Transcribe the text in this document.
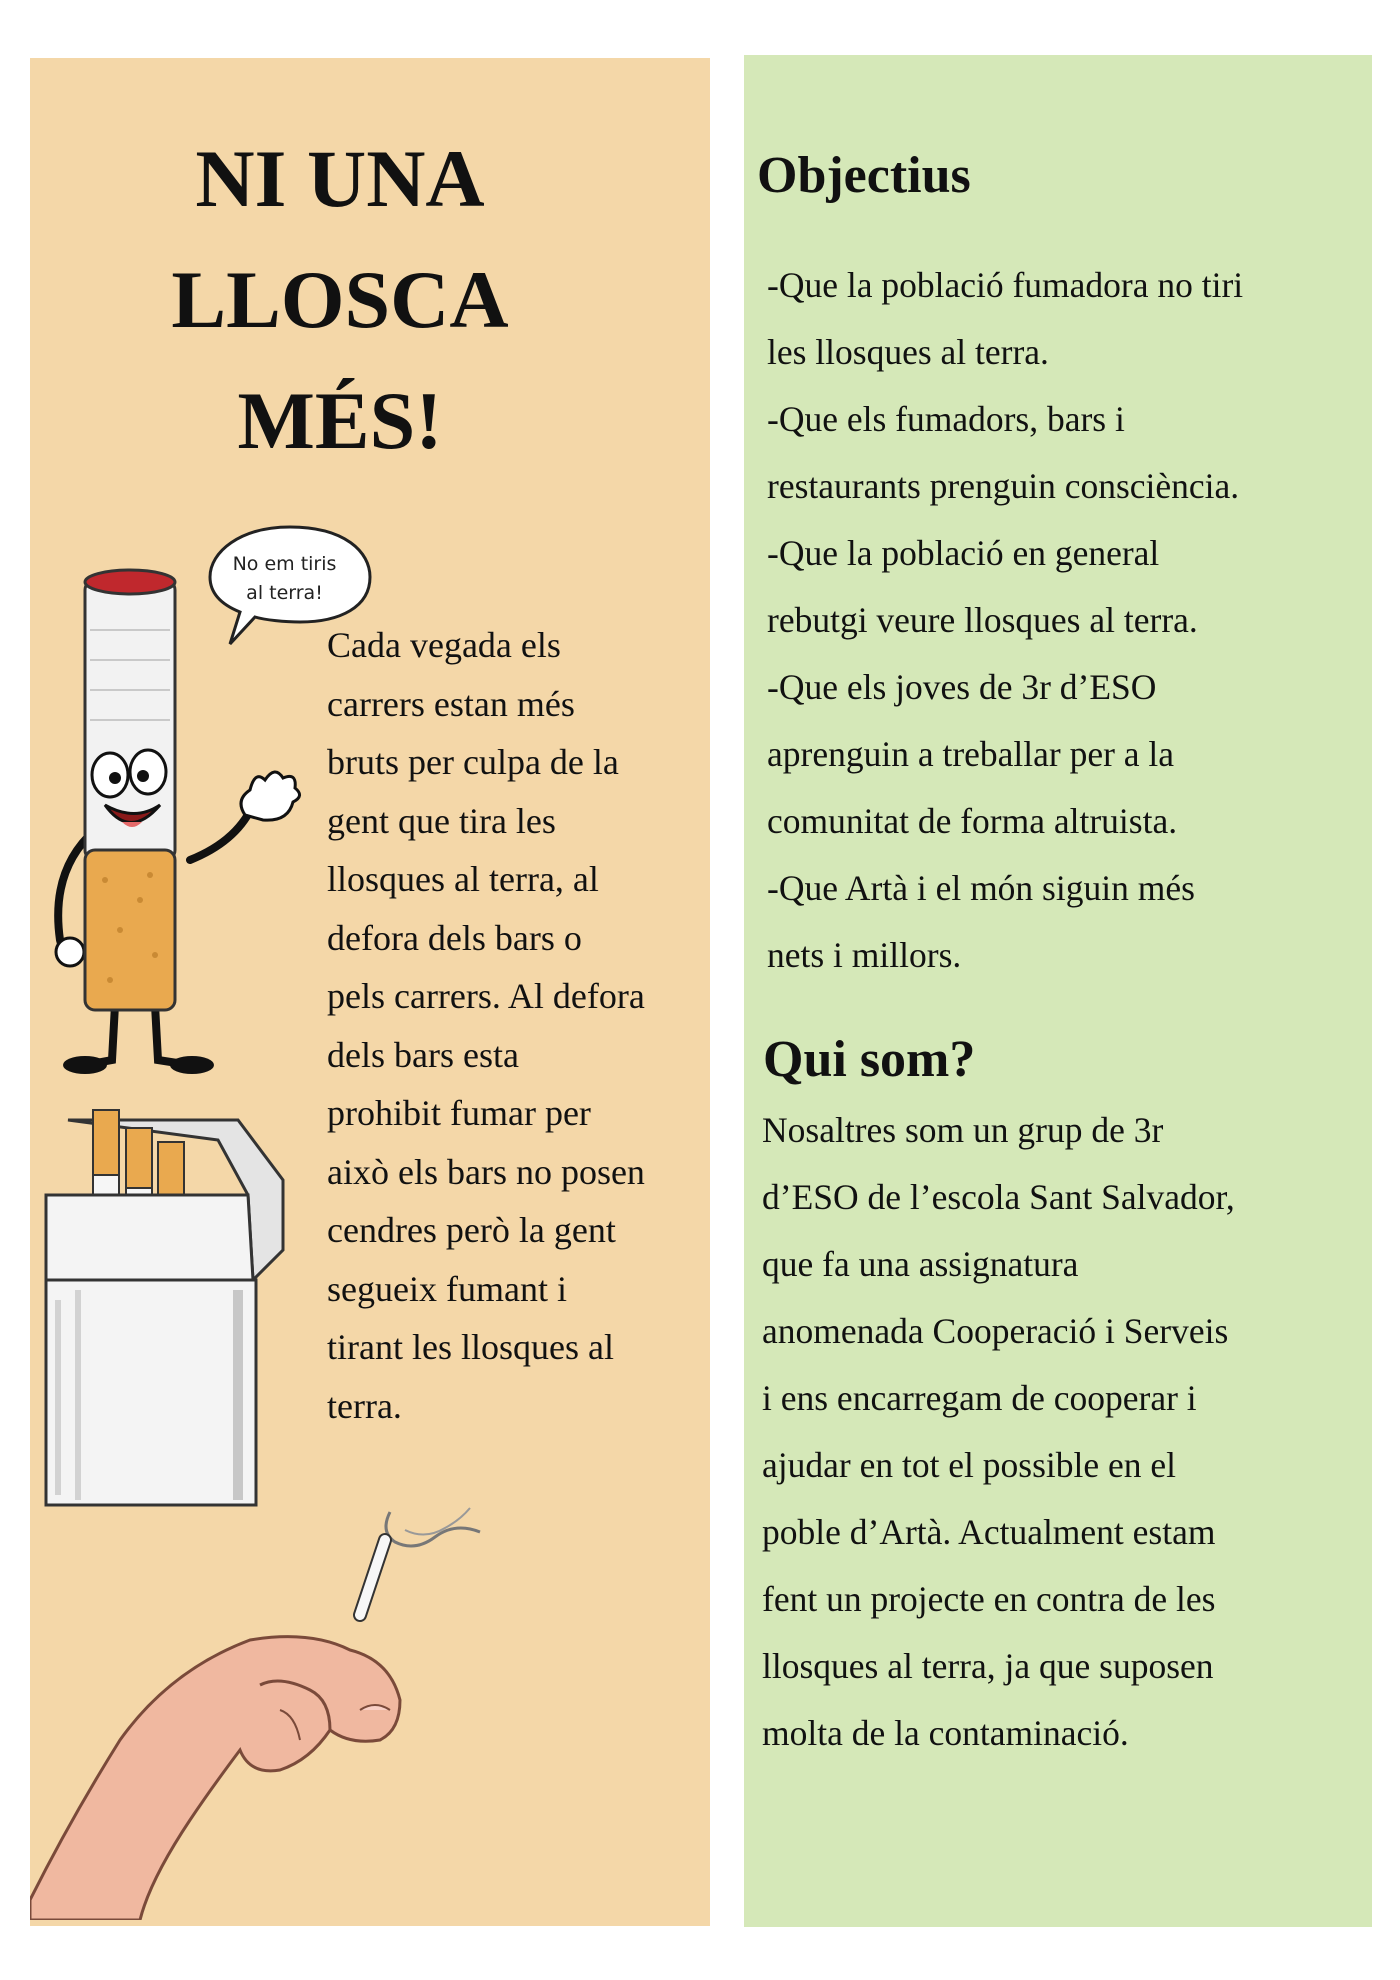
NI UNA
LLOSCA
MÉS!
No em tiris
al terra!

Cada vegada els

carrers estan més

bruts per culpa de la

gent que tira les

llosques al terra, al

defora dels bars o

pels carrers. Al defora

dels bars esta

prohibit fumar per

això els bars no posen

cendres però la gent

segueix fumant i

tirant les llosques al

terra.

Objectius
-Que la població fumadora no tiri
les llosques al terra.
-Que els fumadors, bars i
restaurants prenguin consciència.
-Que la població en general
rebutgi veure llosques al terra.
-Que els joves de 3r d’ESO
aprenguin a treballar per a la
comunitat de forma altruista.
-Que Artà i el món siguin més
nets i millors.
Qui som?
Nosaltres som un grup de 3r
d’ESO de l’escola Sant Salvador,
que fa una assignatura
anomenada Cooperació i Serveis
i ens encarregam de cooperar i
ajudar en tot el possible en el
poble d’Artà. Actualment estam
fent un projecte en contra de les
llosques al terra, ja que suposen
molta de la contaminació.
